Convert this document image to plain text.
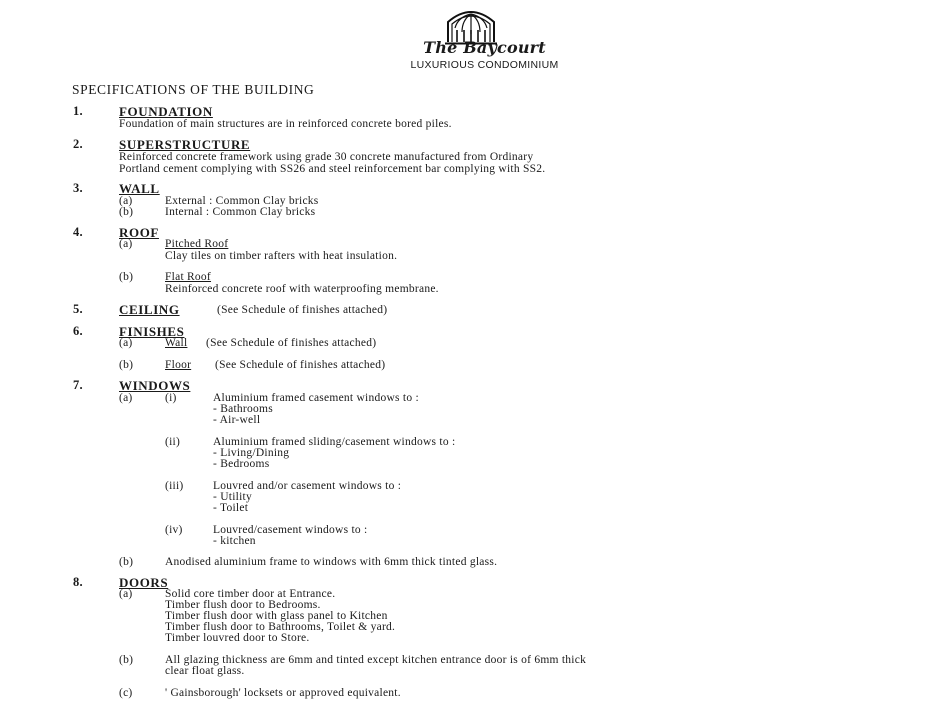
The Baycourt
LUXURIOUS CONDOMINIUM
SPECIFICATIONS OF THE BUILDING
1.	FOUNDATION
Foundation of main structures are in reinforced concrete bored piles.
2.	SUPERSTRUCTURE
Reinforced concrete framework using grade 30 concrete manufactured from Ordinary
Portland cement complying with SS26 and steel reinforcement bar complying with SS2.
3.	WALL
(a)	External : Common Clay bricks
(b)	Internal : Common Clay bricks
4.	ROOF
(a)	Pitched Roof
Clay tiles on timber rafters with heat insulation.
(b)	Flat Roof
Reinforced concrete roof with waterproofing membrane.
5.	CEILING	(See Schedule of finishes attached)
6.	FINISHES
(a)	Wall (See Schedule of finishes attached)
(b)	Floor (See Schedule of finishes attached)
7.	WINDOWS
(a)	(i)	Aluminium framed casement windows to :
- Bathrooms
- Air-well
(ii)	Aluminium framed sliding/casement windows to :
- Living/Dining
- Bedrooms
(iii)	Louvred and/or casement windows to :
- Utility
- Toilet
(iv)	Louvred/casement windows to :
- kitchen
(b)	Anodised aluminium frame to windows with 6mm thick tinted glass.
8.	DOORS
(a)	Solid core timber door at Entrance.
Timber flush door to Bedrooms.
Timber flush door with glass panel to Kitchen
Timber flush door to Bathrooms, Toilet & yard.
Timber louvred door to Store.
(b)	All glazing thickness are 6mm and tinted except kitchen entrance door is of 6mm thick
clear float glass.
(c)	' Gainsborough' locksets or approved equivalent.
